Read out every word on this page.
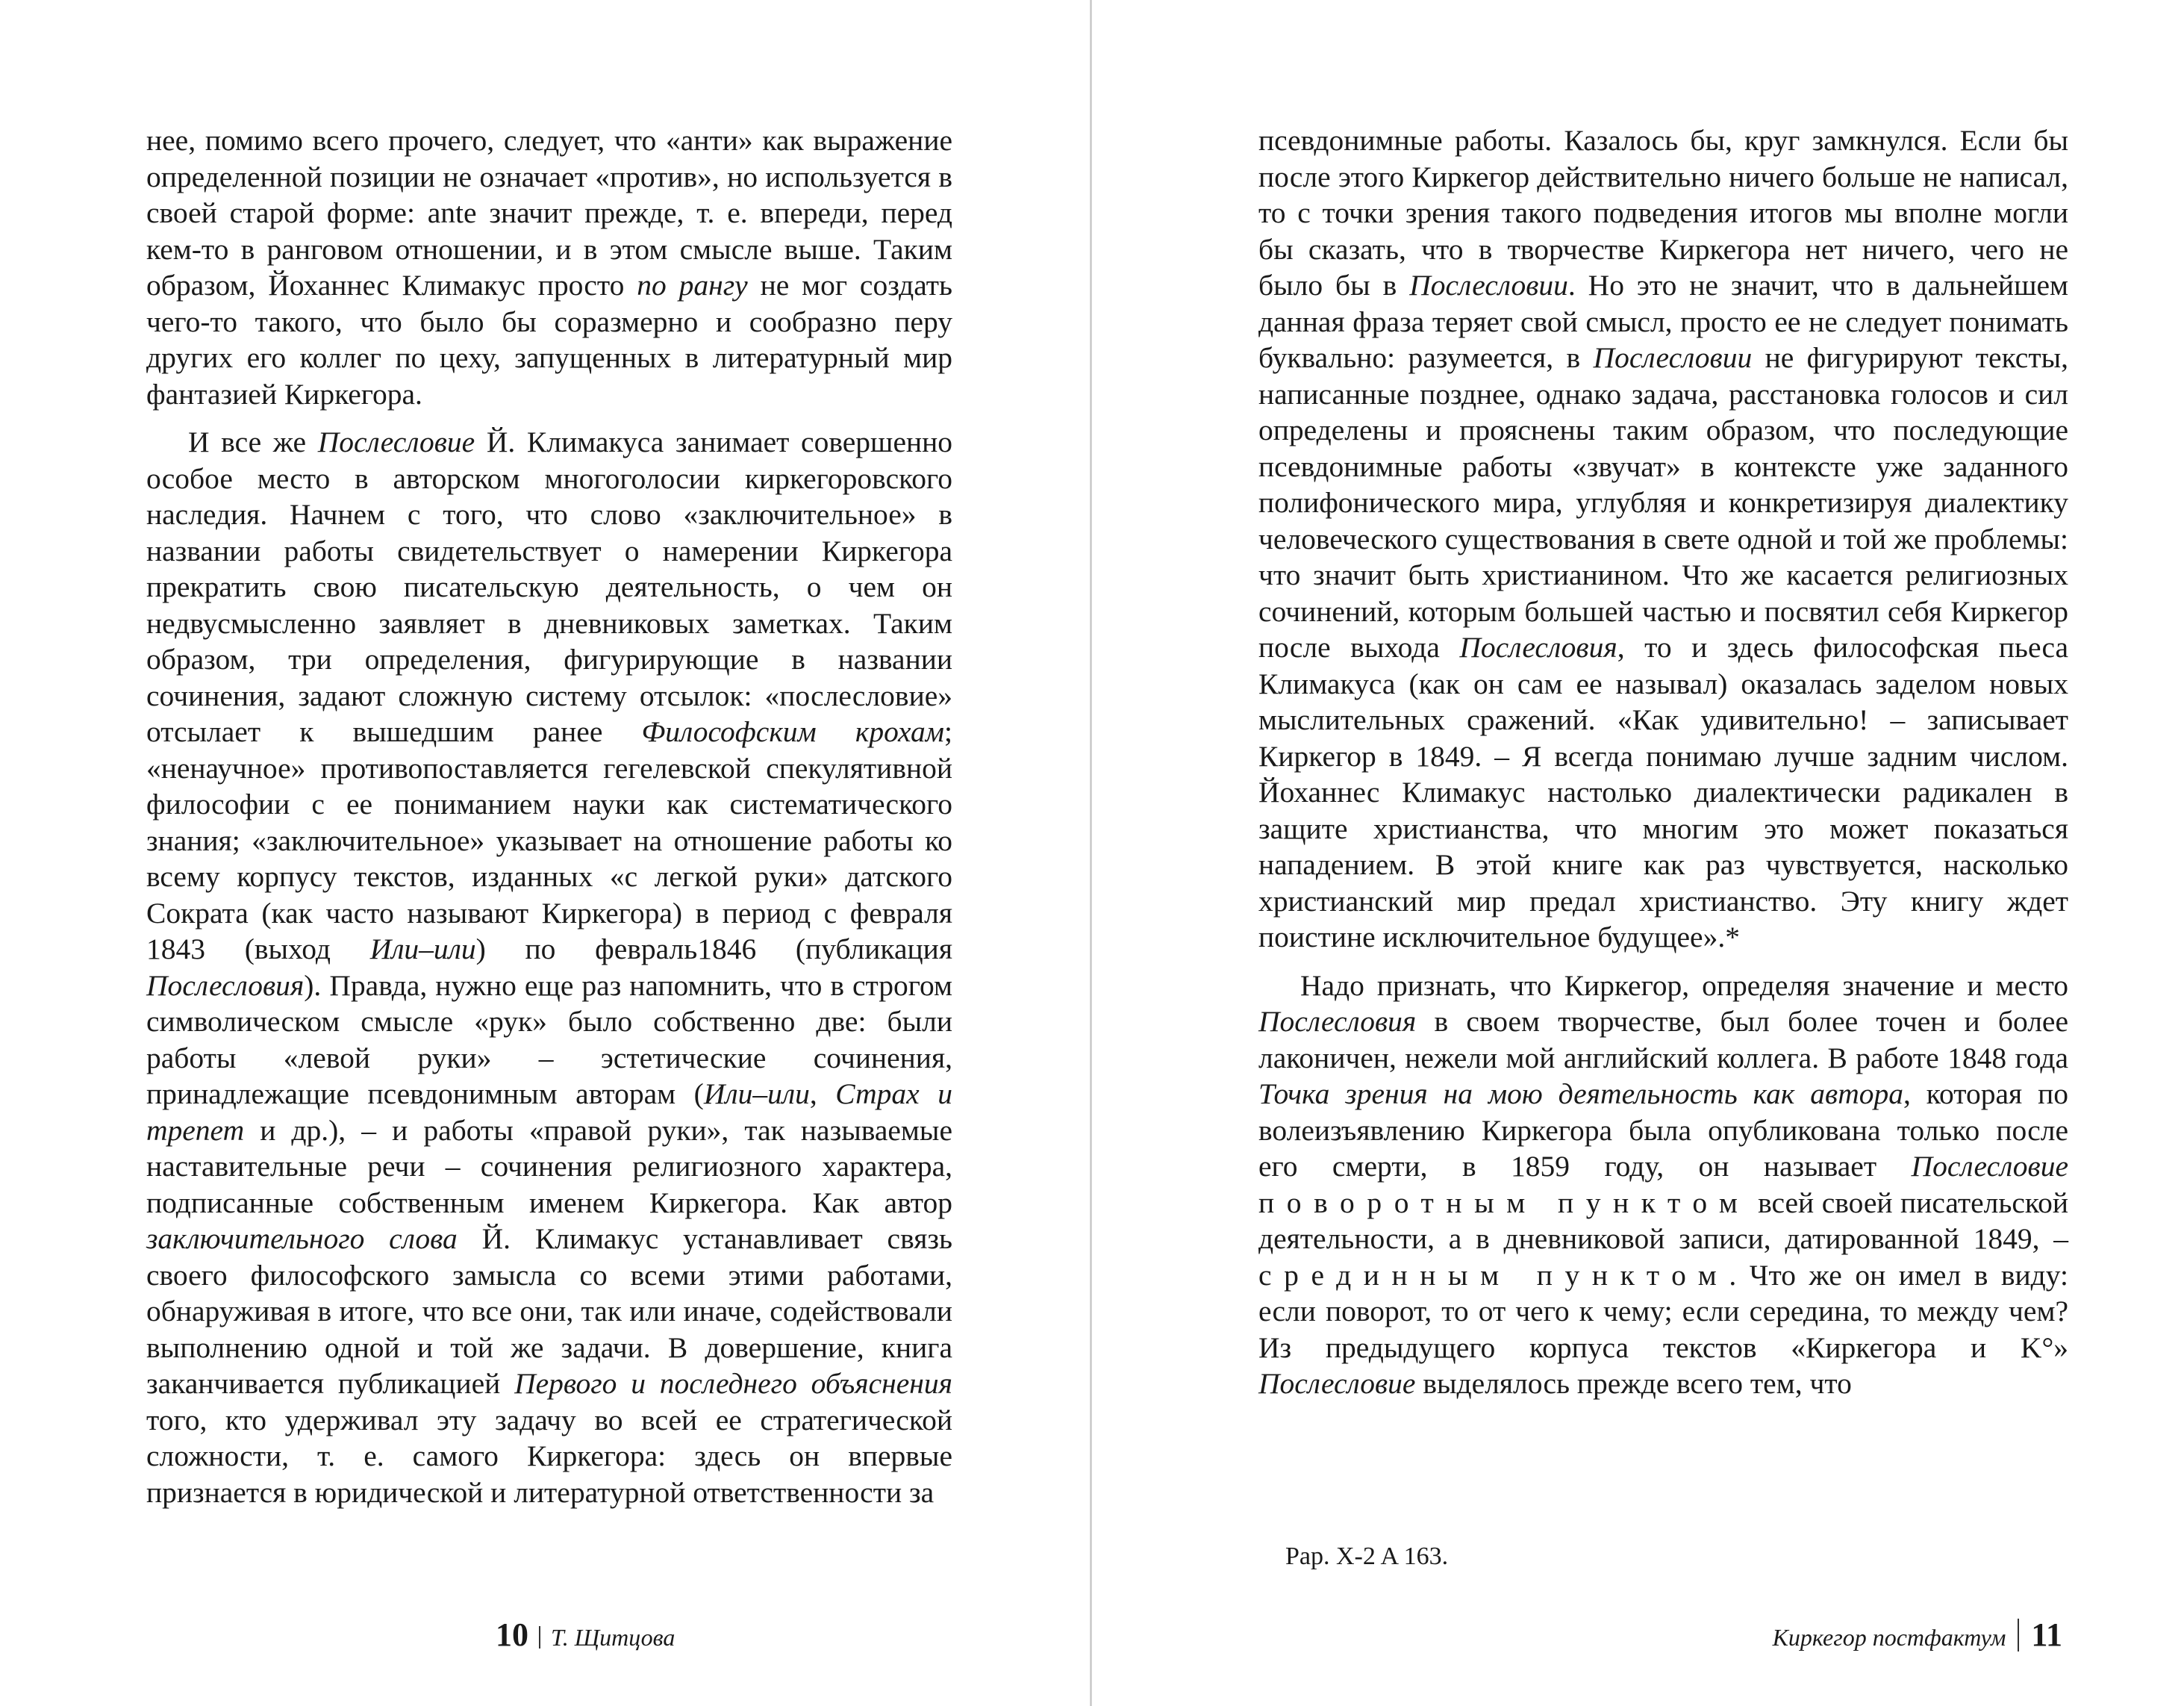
нее, помимо всего прочего, следует, что «анти» как выражение определенной позиции не означает «против», но используется в своей старой форме: ante значит прежде, т. е. впереди, перед кем-то в ранговом отношении, и в этом смысле выше. Таким образом, Йоханнес Климакус просто по рангу не мог создать чего-то такого, что было бы соразмерно и сообразно перу других его коллег по цеху, запущенных в литературный мир фантазией Киркегора.

И все же Послесловие Й. Климакуса занимает совершенно особое место в авторском многоголосии киркегоровского наследия. Начнем с того, что слово «заключительное» в названии работы свидетельствует о намерении Киркегора прекратить свою писательскую деятельность, о чем он недвусмысленно заявляет в дневниковых заметках. Таким образом, три определения, фигурирующие в названии сочинения, задают сложную систему отсылок: «послесловие» отсылает к вышедшим ранее Философским крохам; «ненаучное» противопоставляется гегелевской спекулятивной философии с ее пониманием науки как систематического знания; «заключительное» указывает на отношение работы ко всему корпусу текстов, изданных «с легкой руки» датского Сократа (как часто называют Киркегора) в период с февраля 1843 (выход Или–или) по февраль1846 (публикация Послесловия). Правда, нужно еще раз напомнить, что в строгом символическом смысле «рук» было собственно две: были работы «левой руки» – эстетические сочинения, принадлежащие псевдонимным авторам (Или–или, Страх и трепет и др.), – и работы «правой руки», так называемые наставительные речи – сочинения религиозного характера, подписанные собственным именем Киркегора. Как автор заключительного слова Й. Климакус устанавливает связь своего философского замысла со всеми этими работами, обнаруживая в итоге, что все они, так или иначе, содействовали выполнению одной и той же задачи. В довершение, книга заканчивается публикацией Первого и последнего объяснения того, кто удерживал эту задачу во всей ее стратегической сложности, т. е. самого Киркегора: здесь он впервые признается в юридической и литературной ответственности за

10 Т. Щитцова

псевдонимные работы. Казалось бы, круг замкнулся. Если бы после этого Киркегор действительно ничего больше не написал, то с точки зрения такого подведения итогов мы вполне могли бы сказать, что в творчестве Киркегора нет ничего, чего не было бы в Послесловии. Но это не значит, что в дальнейшем данная фраза теряет свой смысл, просто ее не следует понимать буквально: разумеется, в Послесловии не фигурируют тексты, написанные позднее, однако задача, расстановка голосов и сил определены и прояснены таким образом, что последующие псевдонимные работы «звучат» в контексте уже заданного полифонического мира, углубляя и конкретизируя диалектику человеческого существования в свете одной и той же проблемы: что значит быть христианином. Что же касается религиозных сочинений, которым большей частью и посвятил себя Киркегор после выхода Послесловия, то и здесь философская пьеса Климакуса (как он сам ее называл) оказалась заделом новых мыслительных сражений. «Как удивительно! – записывает Киркегор в 1849. – Я всегда понимаю лучше задним числом. Йоханнес Климакус настолько диалектически радикален в защите христианства, что многим это может показаться нападением. В этой книге как раз чувствуется, насколько христианский мир предал христианство. Эту книгу ждет поистине исключительное будущее».*

Надо признать, что Киркегор, определяя значение и место Послесловия в своем творчестве, был более точен и более лаконичен, нежели мой английский коллега. В работе 1848 года Точка зрения на мою деятельность как автора, которая по волеизъявлению Киркегора была опубликована только после его смерти, в 1859 году, он называет Послесловие поворотным пунктом всей своей писательской деятельности, а в дневниковой записи, датированной 1849, – срединным пунктом. Что же он имел в виду: если поворот, то от чего к чему; если середина, то между чем? Из предыдущего корпуса текстов «Киркегора и K°» Послесловие выделялось прежде всего тем, что

Pap. X-2 A 163.
Киркегор постфактум 11
